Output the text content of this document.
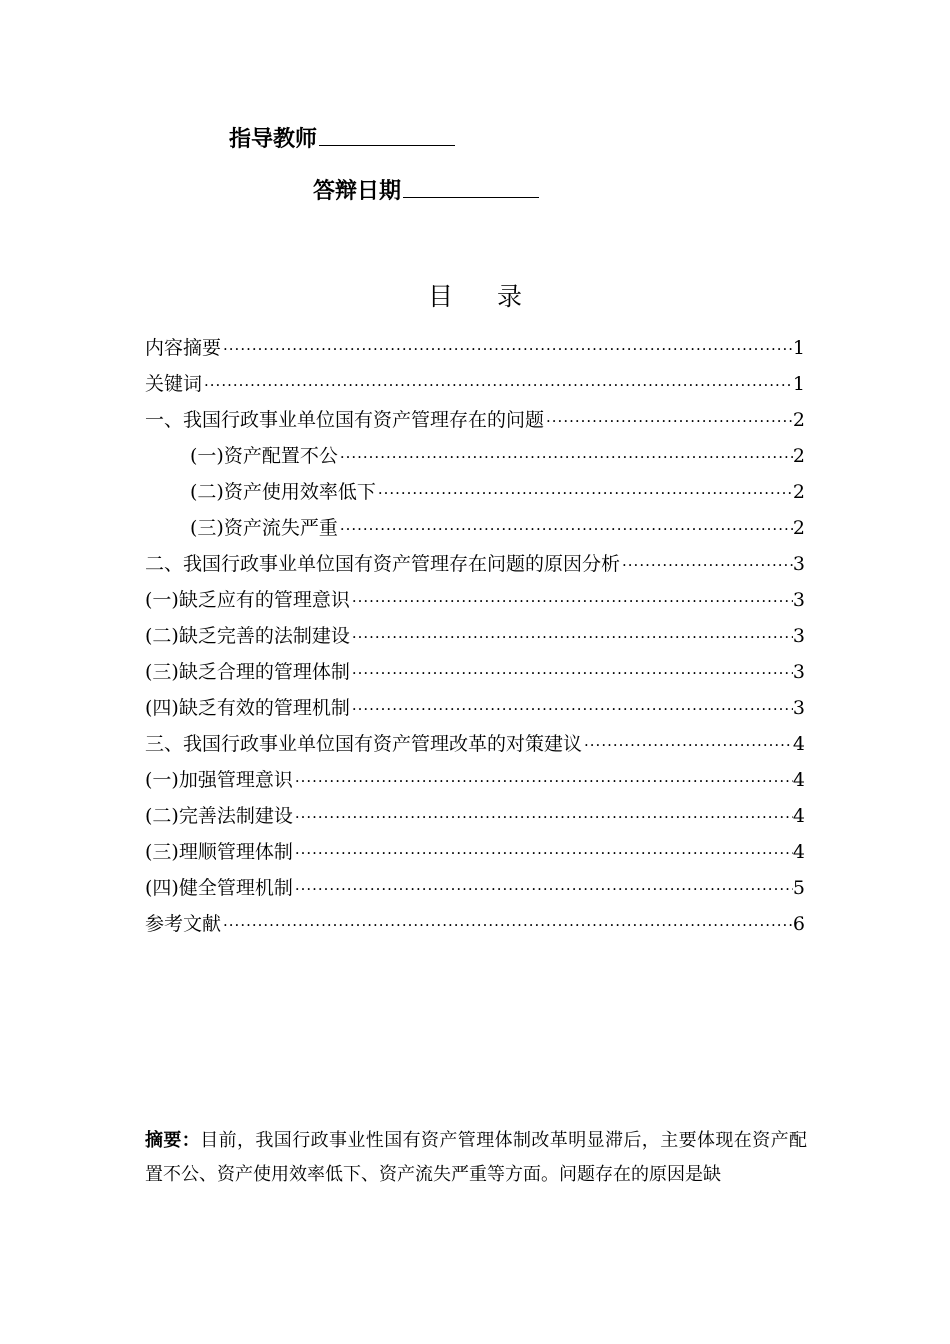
指导教师
答辩日期
目 录
内容摘要 ·····	1
关键词 ·····	1
一、我国行政事业单位国有资产管理存在的问题 ·····	2
(一)资产配置不公 ·····	2
(二)资产使用效率低下 ·····	2
(三)资产流失严重 ·····	2
二、我国行政事业单位国有资产管理存在问题的原因分析 ·····	3
(一)缺乏应有的管理意识 ·····	3
(二)缺乏完善的法制建设 ·····	3
(三)缺乏合理的管理体制 ·····	3
(四)缺乏有效的管理机制 ·····	3
三、我国行政事业单位国有资产管理改革的对策建议 ·····	4
(一)加强管理意识 ·····	4
(二)完善法制建设 ·····	4
(三)理顺管理体制 ·····	4
(四)健全管理机制 ·····	5
参考文献 ·····	6
摘要：目前，我国行政事业性国有资产管理体制改革明显滞后，主要体现在资产配置不公、资产使用效率低下、资产流失严重等方面。问题存在的原因是缺
